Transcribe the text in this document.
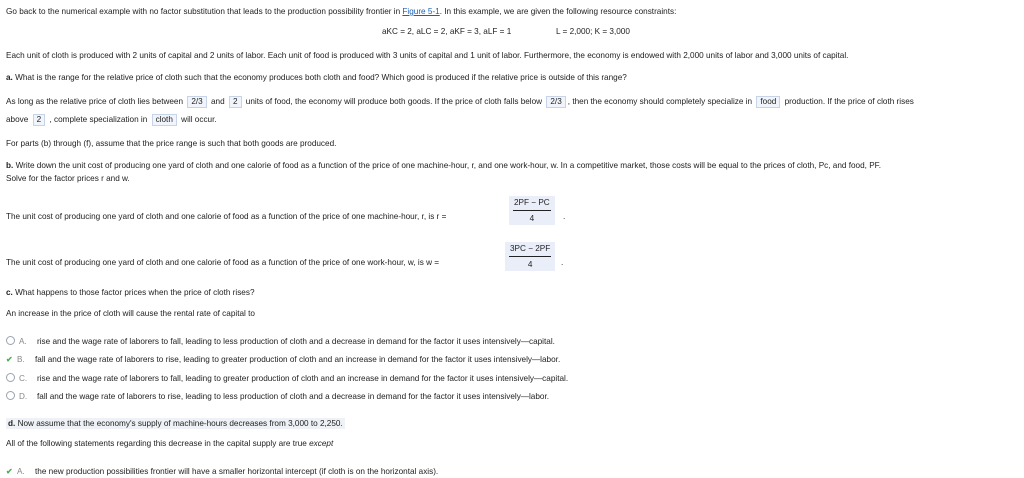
Go back to the numerical example with no factor substitution that leads to the production possibility frontier in Figure 5-1. In this example, we are given the following resource constraints:
aKC = 2, aLC = 2, aKF = 3, aLF = 1	L = 2,000; K = 3,000
Each unit of cloth is produced with 2 units of capital and 2 units of labor. Each unit of food is produced with 3 units of capital and 1 unit of labor. Furthermore, the economy is endowed with 2,000 units of labor and 3,000 units of capital.
a. What is the range for the relative price of cloth such that the economy produces both cloth and food? Which good is produced if the relative price is outside of this range?
As long as the relative price of cloth lies between 2/3 and 2 units of food, the economy will produce both goods. If the price of cloth falls below 2/3 , then the economy should completely specialize in food production. If the price of cloth rises
above 2 , complete specialization in cloth will occur.
For parts (b) through (f), assume that the price range is such that both goods are produced.
b. Write down the unit cost of producing one yard of cloth and one calorie of food as a function of the price of one machine-hour, r, and one work-hour, w. In a competitive market, those costs will be equal to the prices of cloth, Pc, and food, PF.
Solve for the factor prices r and w.
The unit cost of producing one yard of cloth and one calorie of food as a function of the price of one machine-hour, r, is r =
2PF − PC
4	.
The unit cost of producing one yard of cloth and one calorie of food as a function of the price of one work-hour, w, is w =
3PC − 2PF
4	.
c. What happens to those factor prices when the price of cloth rises?
An increase in the price of cloth will cause the rental rate of capital to
A. rise and the wage rate of laborers to fall, leading to less production of cloth and a decrease in demand for the factor it uses intensively—capital.
✔ B. fall and the wage rate of laborers to rise, leading to greater production of cloth and an increase in demand for the factor it uses intensively—labor.
C. rise and the wage rate of laborers to fall, leading to greater production of cloth and an increase in demand for the factor it uses intensively—capital.
D. fall and the wage rate of laborers to rise, leading to less production of cloth and a decrease in demand for the factor it uses intensively—labor.
d. Now assume that the economy's supply of machine-hours decreases from 3,000 to 2,250.
All of the following statements regarding this decrease in the capital supply are true except
✔ A. the new production possibilities frontier will have a smaller horizontal intercept (if cloth is on the horizontal axis).
